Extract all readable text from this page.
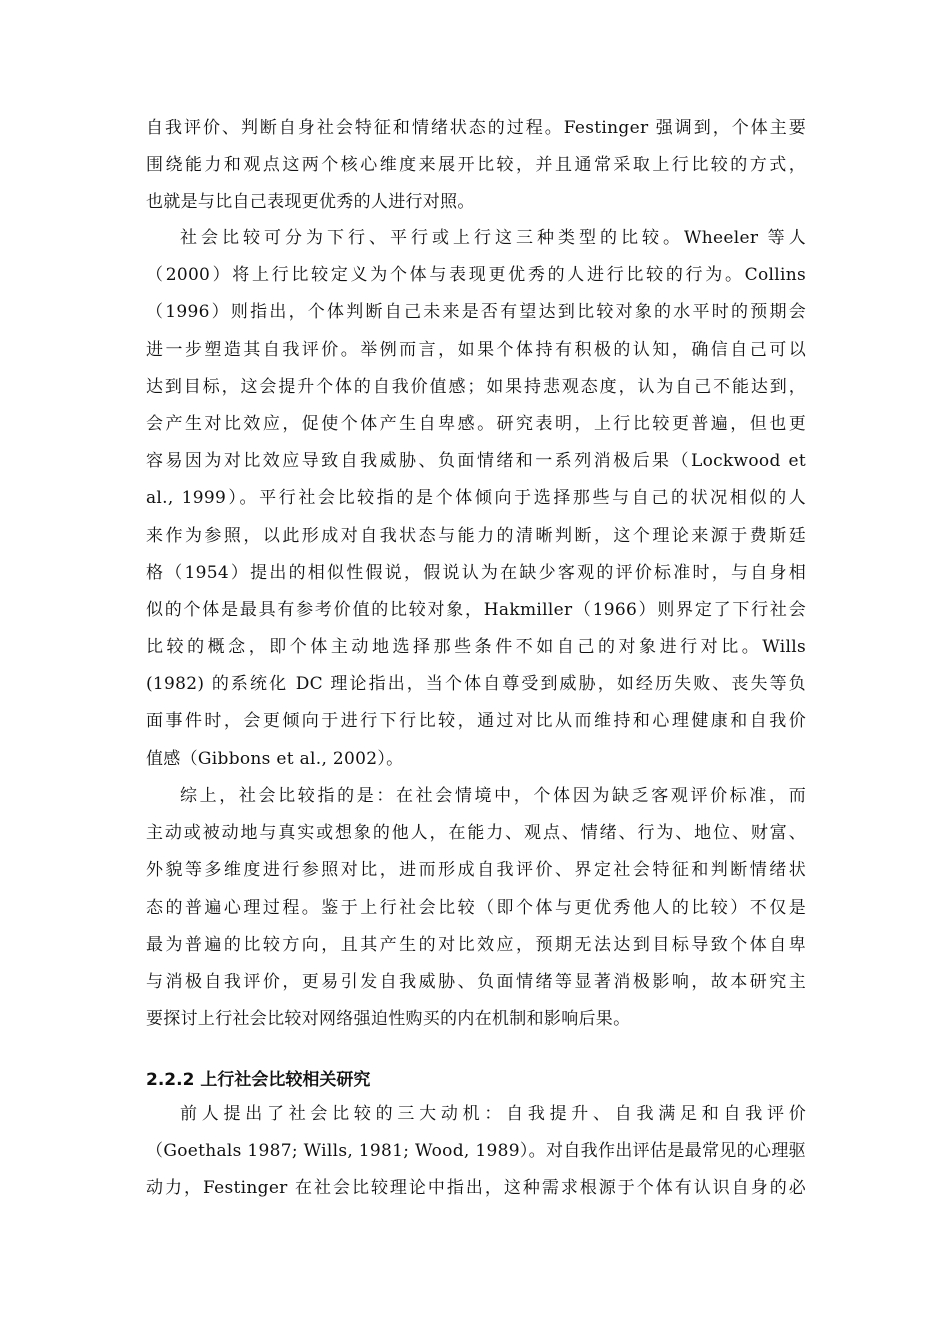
自我评价、判断自身社会特征和情绪状态的过程。Festinger 强调到，个体主要
围绕能力和观点这两个核心维度来展开比较，并且通常采取上行比较的方式，
也就是与比自己表现更优秀的人进行对照。
社会比较可分为下行、平行或上行这三种类型的比较。Wheeler 等人
（2000）将上行比较定义为个体与表现更优秀的人进行比较的行为。Collins
（1996）则指出，个体判断自己未来是否有望达到比较对象的水平时的预期会
进一步塑造其自我评价。举例而言，如果个体持有积极的认知，确信自己可以
达到目标，这会提升个体的自我价值感；如果持悲观态度，认为自己不能达到，
会产生对比效应，促使个体产生自卑感。研究表明，上行比较更普遍，但也更
容易因为对比效应导致自我威胁、负面情绪和一系列消极后果（Lockwood et
al., 1999）。平行社会比较指的是个体倾向于选择那些与自己的状况相似的人
来作为参照，以此形成对自我状态与能力的清晰判断，这个理论来源于费斯廷
格（1954）提出的相似性假说，假说认为在缺少客观的评价标准时，与自身相
似的个体是最具有参考价值的比较对象，Hakmiller（1966）则界定了下行社会
比较的概念，即个体主动地选择那些条件不如自己的对象进行对比。Wills
(1982) 的系统化 DC 理论指出，当个体自尊受到威胁，如经历失败、丧失等负
面事件时，会更倾向于进行下行比较，通过对比从而维持和心理健康和自我价
值感（Gibbons et al., 2002）。
综上，社会比较指的是：在社会情境中，个体因为缺乏客观评价标准，而
主动或被动地与真实或想象的他人，在能力、观点、情绪、行为、地位、财富、
外貌等多维度进行参照对比，进而形成自我评价、界定社会特征和判断情绪状
态的普遍心理过程。鉴于上行社会比较（即个体与更优秀他人的比较）不仅是
最为普遍的比较方向，且其产生的对比效应，预期无法达到目标导致个体自卑
与消极自我评价，更易引发自我威胁、负面情绪等显著消极影响，故本研究主
要探讨上行社会比较对网络强迫性购买的内在机制和影响后果。
2.2.2 上行社会比较相关研究
前人提出了社会比较的三大动机：自我提升、自我满足和自我评价
（Goethals 1987; Wills, 1981; Wood, 1989）。对自我作出评估是最常见的心理驱
动力，Festinger 在社会比较理论中指出，这种需求根源于个体有认识自身的必
